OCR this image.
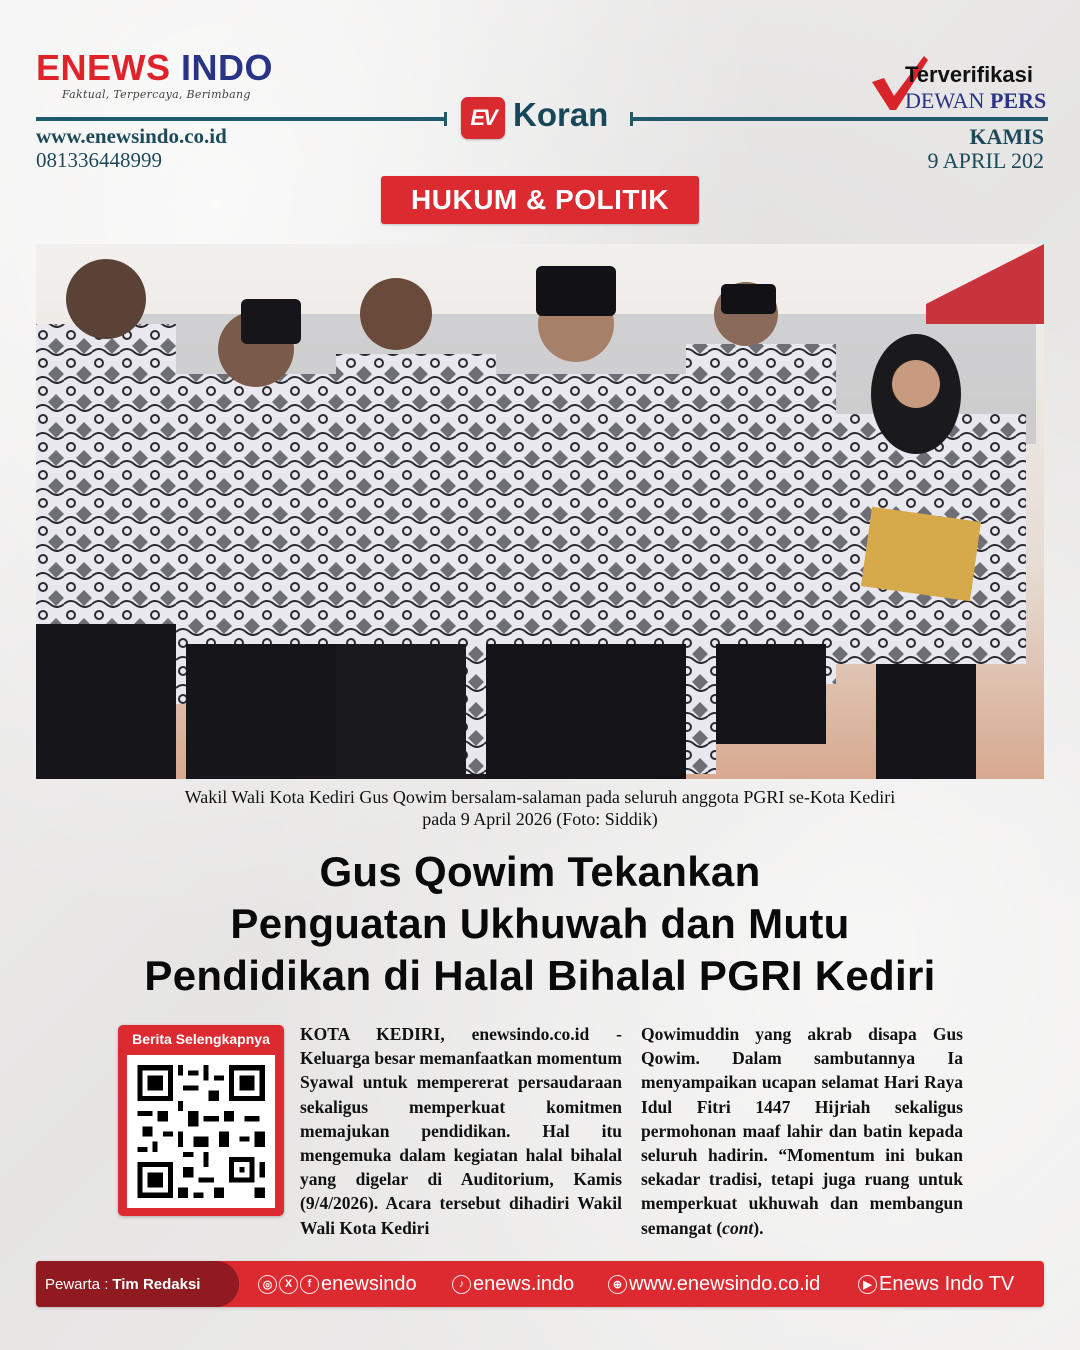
ENEWS INDO
Faktual, Terpercaya, Berimbang
www.enewsindo.co.id
081336448999
EV Koran
Terverifikasi
DEWAN PERS
KAMIS
9 APRIL 202
HUKUM & POLITIK
Wakil Wali Kota Kediri Gus Qowim bersalam-salaman pada seluruh anggota PGRI se-Kota Kediri
pada 9 April 2026 (Foto: Siddik)
Gus Qowim Tekankan
Penguatan Ukhuwah dan Mutu
Pendidikan di Halal Bihalal PGRI Kediri
Berita Selengkapnya	KOTA KEDIRI, enewsindo.co.id - Keluarga besar memanfaatkan momentum Syawal untuk mempererat persaudaraan sekaligus memperkuat komitmen memajukan pendidikan. Hal itu mengemuka dalam kegiatan halal bihalal yang digelar di Auditorium, Kamis (9/4/2026). Acara tersebut dihadiri Wakil Wali Kota Kediri

Qowimuddin yang akrab disapa Gus Qowim. Dalam sambutannya Ia menyampaikan ucapan selamat Hari Raya Idul Fitri 1447 Hijriah sekaligus permohonan maaf lahir dan batin kepada seluruh hadirin. “Momentum ini bukan sekadar tradisi, tetapi juga ruang untuk memperkuat ukhuwah dan membangun semangat (cont).

Pewarta : Tim Redaksi	◎	X	f enewsindo	♪ enews.indo	⊕ www.enewsindo.co.id	▶ Enews Indo TV
